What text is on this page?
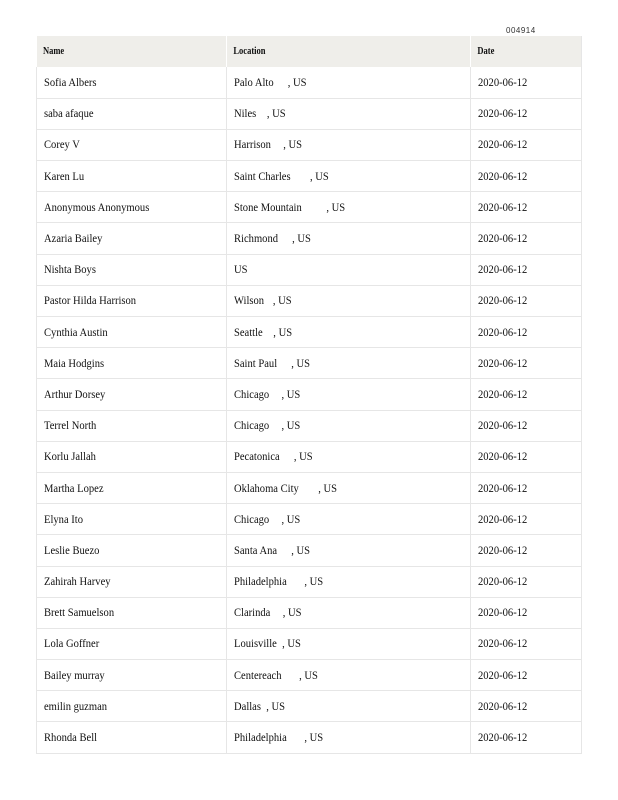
004914
Name	Location	Date
Sofia Albers	Palo Alto , US	2020-06-12
saba afaque	Niles , US	2020-06-12
Corey V	Harrison , US	2020-06-12
Karen Lu	Saint Charles , US	2020-06-12
Anonymous Anonymous	Stone Mountain , US	2020-06-12
Azaria Bailey	Richmond , US	2020-06-12
Nishta Boys	US	2020-06-12
Pastor Hilda Harrison	Wilson , US	2020-06-12
Cynthia Austin	Seattle , US	2020-06-12
Maia Hodgins	Saint Paul , US	2020-06-12
Arthur Dorsey	Chicago , US	2020-06-12
Terrel North	Chicago , US	2020-06-12
Korlu Jallah	Pecatonica , US	2020-06-12
Martha Lopez	Oklahoma City , US	2020-06-12
Elyna Ito	Chicago , US	2020-06-12
Leslie Buezo	Santa Ana , US	2020-06-12
Zahirah Harvey	Philadelphia , US	2020-06-12
Brett Samuelson	Clarinda , US	2020-06-12
Lola Goffner	Louisville , US	2020-06-12
Bailey murray	Centereach , US	2020-06-12
emilin guzman	Dallas , US	2020-06-12
Rhonda Bell	Philadelphia , US	2020-06-12
